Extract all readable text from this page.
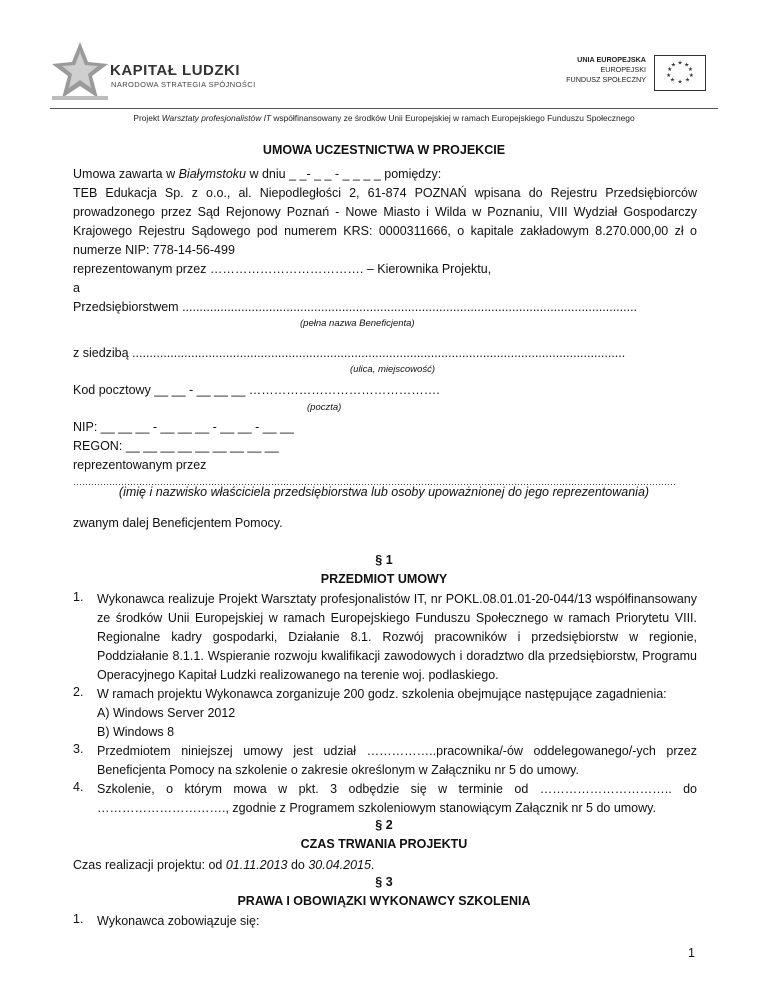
KAPITAŁ LUDZKI
NARODOWA STRATEGIA SPÓJNOŚCI
UNIA EUROPEJSKA
EUROPEJSKI
FUNDUSZ SPOŁECZNY
★ ★
★
★
★
★
★
★
★
★
Projekt Warsztaty profesjonalistów IT współfinansowany ze środków Unii Europejskiej w ramach Europejskiego Funduszu Społecznego
UMOWA UCZESTNICTWA W PROJEKCIE
Umowa zawarta w Białymstoku w dniu _ _- _ _ - _ _ _ _ pomiędzy:
TEB Edukacja Sp. z o.o., al. Niepodległości 2, 61-874 POZNAŃ wpisana do Rejestru Przedsiębiorców prowadzonego przez Sąd Rejonowy Poznań - Nowe Miasto i Wilda w Poznaniu, VIII Wydział Gospodarczy Krajowego Rejestru Sądowego pod numerem KRS: 0000311666, o kapitale zakładowym 8.270.000,00 zł o numerze NIP: 778-14-56-499
reprezentowanym przez ………………………………. – Kierownika Projektu,
a
Przedsiębiorstwem ...................................................................................................................................
(pełna nazwa Beneficjenta)
z siedzibą ..............................................................................................................................................
(ulica, miejscowość)
Kod pocztowy __ __ - __ __ __ ……………………………………….
(poczta)
NIP: __ __ __ - __ __ __ - __ __ - __ __
REGON: __ __ __ __ __ __ __ __ __
reprezentowanym przez
…………………………………………………………………………………………………………………………………………………………………………………
(imię i nazwisko właściciela przedsiębiorstwa lub osoby upoważnionej do jego reprezentowania)
zwanym dalej Beneficjentem Pomocy.
§ 1
PRZEDMIOT UMOWY
1. Wykonawca realizuje Projekt Warsztaty profesjonalistów IT, nr POKL.08.01.01-20-044/13 współfinansowany ze środków Unii Europejskiej w ramach Europejskiego Funduszu Społecznego w ramach Priorytetu VIII. Regionalne kadry gospodarki, Działanie 8.1. Rozwój pracowników i przedsiębiorstw w regionie, Poddziałanie 8.1.1. Wspieranie rozwoju kwalifikacji zawodowych i doradztwo dla przedsiębiorstw, Programu Operacyjnego Kapitał Ludzki realizowanego na terenie woj. podlaskiego.
2. W ramach projektu Wykonawca zorganizuje 200 godz. szkolenia obejmujące następujące zagadnienia:
A) Windows Server 2012
B) Windows 8
3. Przedmiotem niniejszej umowy jest udział ……………..pracownika/-ów oddelegowanego/-ych przez Beneficjenta Pomocy na szkolenie o zakresie określonym w Załączniku nr 5 do umowy.
4. Szkolenie, o którym mowa w pkt. 3 odbędzie się w terminie od ………………………….. do …………………………., zgodnie z Programem szkoleniowym stanowiącym Załącznik nr 5 do umowy.
§ 2
CZAS TRWANIA PROJEKTU
Czas realizacji projektu: od 01.11.2013 do 30.04.2015.
§ 3
PRAWA I OBOWIĄZKI WYKONAWCY SZKOLENIA
1. Wykonawca zobowiązuje się:
1
